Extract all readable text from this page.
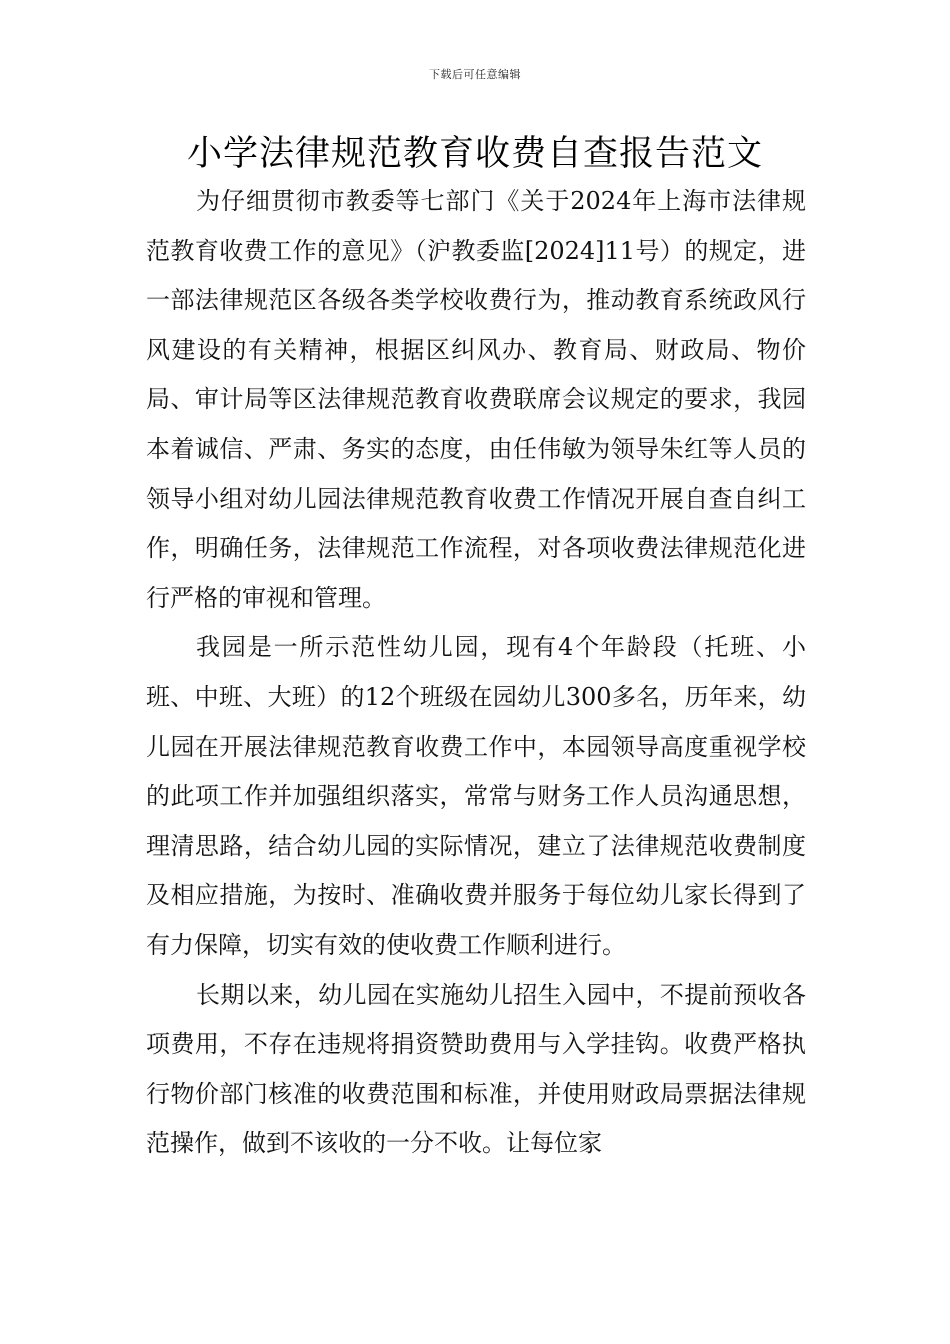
下载后可任意编辑
小学法律规范教育收费自查报告范文

为仔细贯彻市教委等七部门《关于2024年上海市法律规范教育收费工作的意见》（沪教委监[2024]11号）的规定，进一部法律规范区各级各类学校收费行为，推动教育系统政风行风建设的有关精神，根据区纠风办、教育局、财政局、物价局、审计局等区法律规范教育收费联席会议规定的要求，我园本着诚信、严肃、务实的态度，由任伟敏为领导朱红等人员的领导小组对幼儿园法律规范教育收费工作情况开展自查自纠工作，明确任务，法律规范工作流程，对各项收费法律规范化进行严格的审视和管理。

我园是一所示范性幼儿园，现有4个年龄段（托班、小班、中班、大班）的12个班级在园幼儿300多名，历年来，幼儿园在开展法律规范教育收费工作中，本园领导高度重视学校的此项工作并加强组织落实，常常与财务工作人员沟通思想，理清思路，结合幼儿园的实际情况，建立了法律规范收费制度及相应措施，为按时、准确收费并服务于每位幼儿家长得到了有力保障，切实有效的使收费工作顺利进行。

长期以来，幼儿园在实施幼儿招生入园中，不提前预收各项费用，不存在违规将捐资赞助费用与入学挂钩。收费严格执行物价部门核准的收费范围和标准，并使用财政局票据法律规范操作，做到不该收的一分不收。让每位家
